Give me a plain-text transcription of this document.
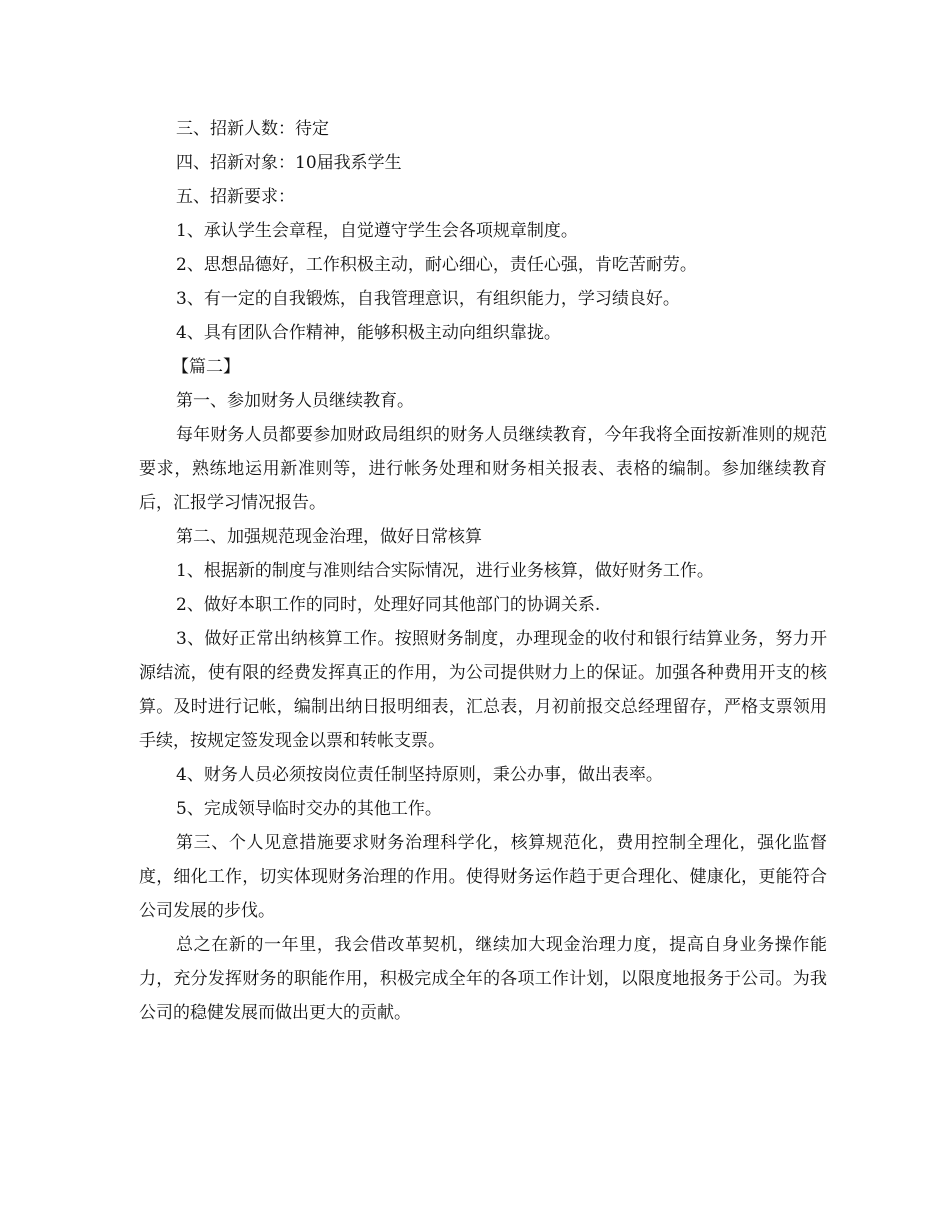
三、招新人数：待定

四、招新对象：10届我系学生

五、招新要求：

1、承认学生会章程，自觉遵守学生会各项规章制度。

2、思想品德好，工作积极主动，耐心细心，责任心强，肯吃苦耐劳。

3、有一定的自我锻炼，自我管理意识，有组织能力，学习绩良好。

4、具有团队合作精神，能够积极主动向组织靠拢。

【篇二】

第一、参加财务人员继续教育。

每年财务人员都要参加财政局组织的财务人员继续教育，今年我将全面按新准则的规范要求，熟练地运用新准则等，进行帐务处理和财务相关报表、表格的编制。参加继续教育后，汇报学习情况报告。

第二、加强规范现金治理，做好日常核算

1、根据新的制度与准则结合实际情况，进行业务核算，做好财务工作。

2、做好本职工作的同时，处理好同其他部门的协调关系.

3、做好正常出纳核算工作。按照财务制度，办理现金的收付和银行结算业务，努力开源结流，使有限的经费发挥真正的作用，为公司提供财力上的保证。加强各种费用开支的核算。及时进行记帐，编制出纳日报明细表，汇总表，月初前报交总经理留存，严格支票领用手续，按规定签发现金以票和转帐支票。

4、财务人员必须按岗位责任制坚持原则，秉公办事，做出表率。

5、完成领导临时交办的其他工作。

第三、个人见意措施要求财务治理科学化，核算规范化，费用控制全理化，强化监督度，细化工作，切实体现财务治理的作用。使得财务运作趋于更合理化、健康化，更能符合公司发展的步伐。

总之在新的一年里，我会借改革契机，继续加大现金治理力度，提高自身业务操作能力，充分发挥财务的职能作用，积极完成全年的各项工作计划，以限度地报务于公司。为我公司的稳健发展而做出更大的贡献。
